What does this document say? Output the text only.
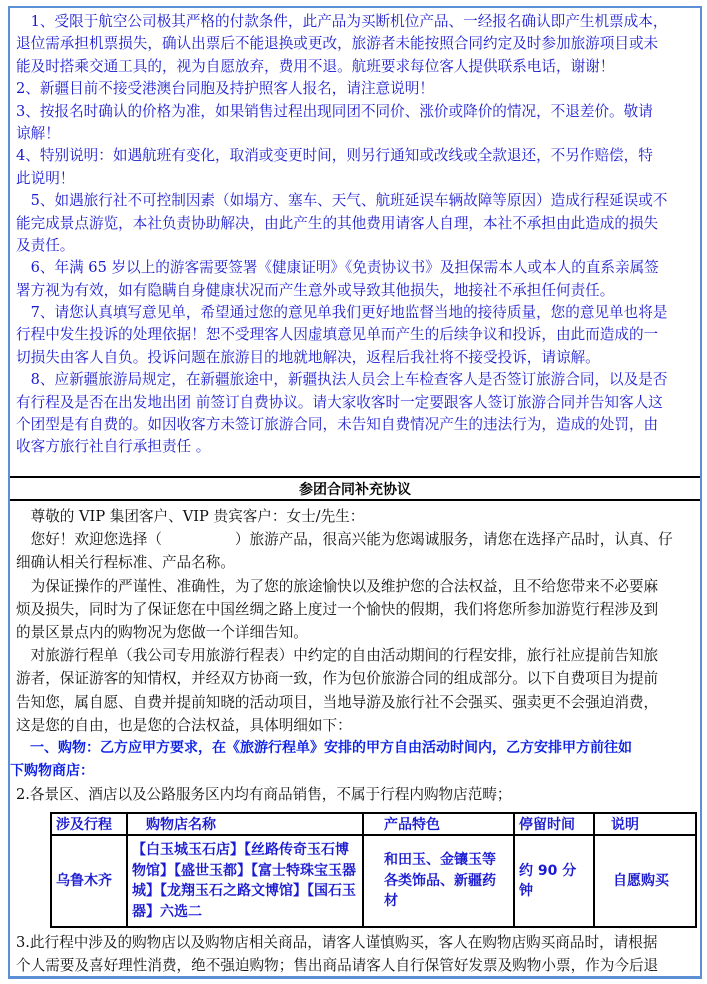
　1、受限于航空公司极其严格的付款条件，此产品为买断机位产品、一经报名确认即产生机票成本，
退位需承担机票损失，确认出票后不能退换或更改，旅游者未能按照合同约定及时参加旅游项目或未
能及时搭乘交通工具的，视为自愿放弃，费用不退。航班要求每位客人提供联系电话，谢谢！
2、新疆目前不接受港澳台同胞及持护照客人报名，请注意说明！
3、按报名时确认的价格为准，如果销售过程出现同团不同价、涨价或降价的情况，不退差价。敬请
谅解！
4、特别说明：如遇航班有变化，取消或变更时间，则另行通知或改线或全款退还，不另作赔偿，特
此说明！
　5、如遇旅行社不可控制因素（如塌方、塞车、天气、航班延误车辆故障等原因）造成行程延误或不
能完成景点游览，本社负责协助解决，由此产生的其他费用请客人自理，本社不承担由此造成的损失
及责任。
　6、年满 65 岁以上的游客需要签署《健康证明》《免责协议书》及担保需本人或本人的直系亲属签
署方视为有效，如有隐瞒自身健康状况而产生意外或导致其他损失，地接社不承担任何责任。
　7、请您认真填写意见单，希望通过您的意见单我们更好地监督当地的接待质量，您的意见单也将是
行程中发生投诉的处理依据！恕不受理客人因虚填意见单而产生的后续争议和投诉，由此而造成的一
切损失由客人自负。投诉问题在旅游目的地就地解决，返程后我社将不接受投诉，请谅解。
　8、应新疆旅游局规定，在新疆旅途中，新疆执法人员会上车检查客人是否签订旅游合同，以及是否
有行程及是否在出发地出团 前签订自费协议。请大家收客时一定要跟客人签订旅游合同并告知客人这
个团型是有自费的。如因收客方未签订旅游合同，未告知自费情况产生的违法行为，造成的处罚，由
收客方旅行社自行承担责任 。
参团合同补充协议
　尊敬的 VIP 集团客户、VIP 贵宾客户：女士/先生：
　您好！欢迎您选择（　　　　　）旅游产品，很高兴能为您竭诚服务，请您在选择产品时，认真、仔
细确认相关行程标准、产品名称。
　为保证操作的严谨性、准确性，为了您的旅途愉快以及维护您的合法权益，且不给您带来不必要麻
烦及损失，同时为了保证您在中国丝绸之路上度过一个愉快的假期，我们将您所参加游览行程涉及到
的景区景点内的购物况为您做一个详细告知。
　对旅游行程单（我公司专用旅游行程表）中约定的自由活动期间的行程安排，旅行社应提前告知旅
游者，保证游客的知情权，并经双方协商一致，作为包价旅游合同的组成部分。以下自费项目为提前
告知您，属自愿、自费并提前知晓的活动项目，当地导游及旅行社不会强买、强卖更不会强迫消费，
这是您的自由，也是您的合法权益，具体明细如下：
　一、购物：乙方应甲方要求，在《旅游行程单》安排的甲方自由活动时间内，乙方安排甲方前往如
下购物商店：
2.各景区、酒店以及公路服务区内均有商品销售，不属于行程内购物店范畴；
涉及行程	购物店名称	产品特色	停留时间	说明
乌鲁木齐	【白玉城玉石店】【丝路传奇玉石博物馆】【盛世玉都】【富士特珠宝玉器城】【龙翔玉石之路文博馆】【国石玉器】六选二	和田玉、金镶玉等各类饰品、新疆药材	约 90 分钟	自愿购买
3.此行程中涉及的购物店以及购物店相关商品，请客人谨慎购买，客人在购物店购买商品时，请根据
个人需要及喜好理性消费，绝不强迫购物；售出商品请客人自行保管好发票及购物小票，作为今后退
